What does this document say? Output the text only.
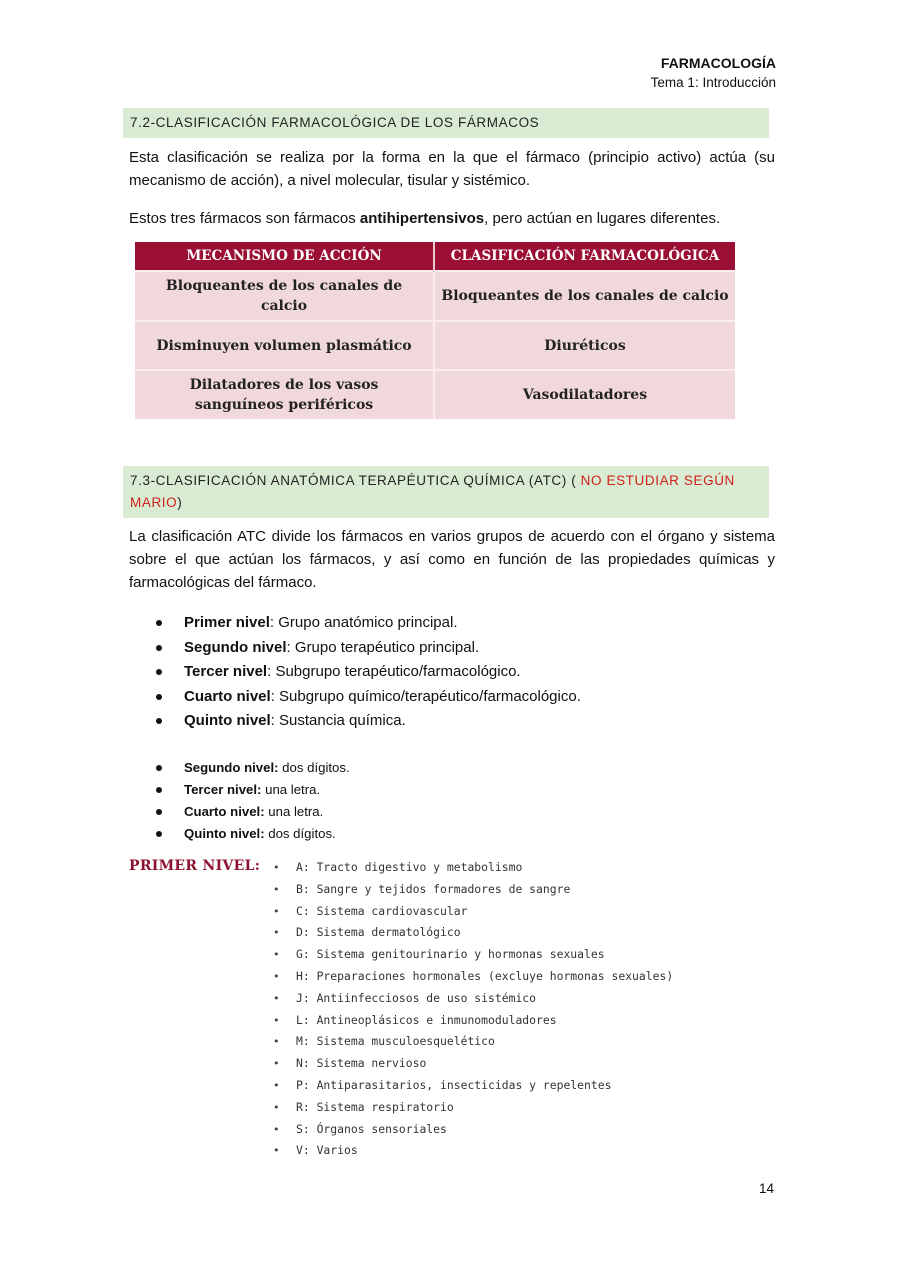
FARMACOLOGÍA
Tema 1: Introducción
7.2-CLASIFICACIÓN FARMACOLÓGICA DE LOS FÁRMACOS
Esta clasificación se realiza por la forma en la que el fármaco (principio activo) actúa (su mecanismo de acción), a nivel molecular, tisular y sistémico.
Estos tres fármacos son fármacos antihipertensivos, pero actúan en lugares diferentes.
MECANISMO DE ACCIÓN	CLASIFICACIÓN FARMACOLÓGICA
Bloqueantes de los canales de calcio	Bloqueantes de los canales de calcio
Disminuyen volumen plasmático	Diuréticos
Dilatadores de los vasos sanguíneos periféricos	Vasodilatadores
7.3-CLASIFICACIÓN ANATÓMICA TERAPÉUTICA QUÍMICA (ATC) ( NO ESTUDIAR SEGÚN MARIO)
La clasificación ATC divide los fármacos en varios grupos de acuerdo con el órgano y sistema sobre el que actúan los fármacos, y así como en función de las propiedades químicas y farmacológicas del fármaco.
Primer nivel: Grupo anatómico principal.
Segundo nivel: Grupo terapéutico principal.
Tercer nivel: Subgrupo terapéutico/farmacológico.
Cuarto nivel: Subgrupo químico/terapéutico/farmacológico.
Quinto nivel: Sustancia química.
Segundo nivel: dos dígitos.
Tercer nivel: una letra.
Cuarto nivel: una letra.
Quinto nivel: dos dígitos.
PRIMER NIVEL:	• A: Tracto digestivo y metabolismo
• B: Sangre y tejidos formadores de sangre
• C: Sistema cardiovascular
• D: Sistema dermatológico
• G: Sistema genitourinario y hormonas sexuales
• H: Preparaciones hormonales (excluye hormonas sexuales)
• J: Antiinfecciosos de uso sistémico
• L: Antineoplásicos e inmunomoduladores
• M: Sistema musculoesquelético
• N: Sistema nervioso
• P: Antiparasitarios, insecticidas y repelentes
• R: Sistema respiratorio
• S: Órganos sensoriales
• V: Varios
14
